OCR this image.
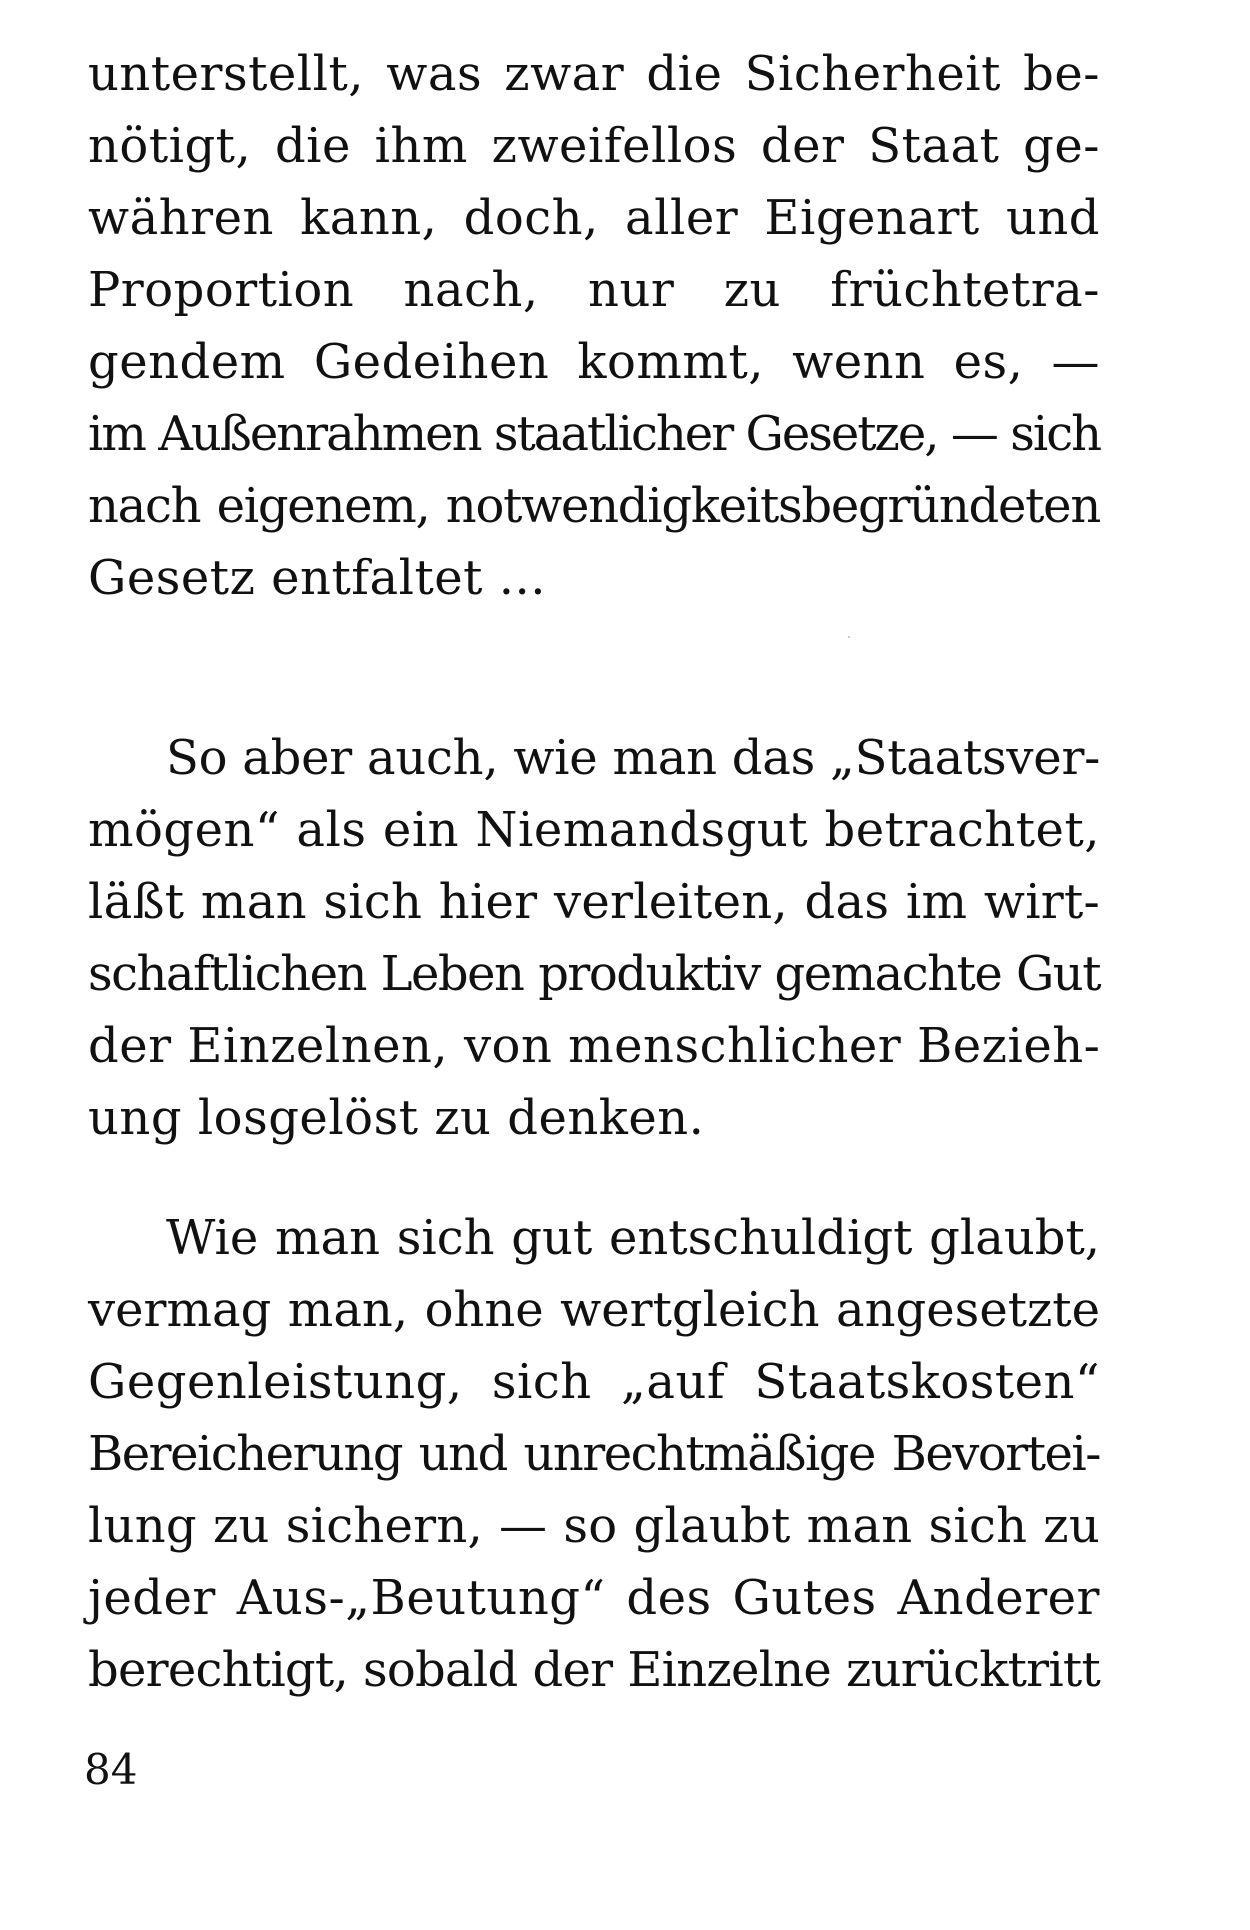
unterstellt, was zwar die Sicherheit be-
nötigt, die ihm zweifellos der Staat ge-
währen kann, doch, aller Eigenart und
Proportion nach, nur zu früchtetra-
gendem Gedeihen kommt, wenn es, —
im Außenrahmen staatlicher Gesetze, — sich
nach eigenem, notwendigkeitsbegründeten
Gesetz entfaltet ...
So aber auch, wie man das „Staatsver-
mögen“ als ein Niemandsgut betrachtet,
läßt man sich hier verleiten, das im wirt-
schaftlichen Leben produktiv gemachte Gut
der Einzelnen, von menschlicher Bezieh-
ung losgelöst zu denken.
Wie man sich gut entschuldigt glaubt,
vermag man, ohne wertgleich angesetzte
Gegenleistung, sich „auf Staatskosten“
Bereicherung und unrechtmäßige Bevortei-
lung zu sichern, — so glaubt man sich zu
jeder Aus-„Beutung“ des Gutes Anderer
berechtigt, sobald der Einzelne zurücktritt
84
